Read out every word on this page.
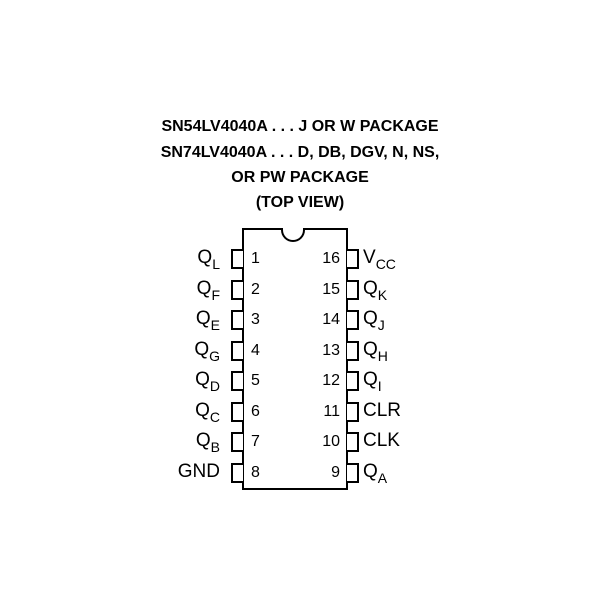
SN54LV4040A . . . J OR W PACKAGE
SN74LV4040A . . . D, DB, DGV, N, NS,
OR PW PACKAGE
(TOP VIEW)
$Q_L$ 1	16 $V_{CC}$
$Q_F$ 2	15 $Q_K$
$Q_E$ 3	14 $Q_J$
$Q_G$ 4	13 $Q_H$
$Q_D$ 5	12 $Q_I$
$Q_C$ 6	11 CLR
$Q_B$ 7	10 CLK
GND 8	9 $Q_A$
